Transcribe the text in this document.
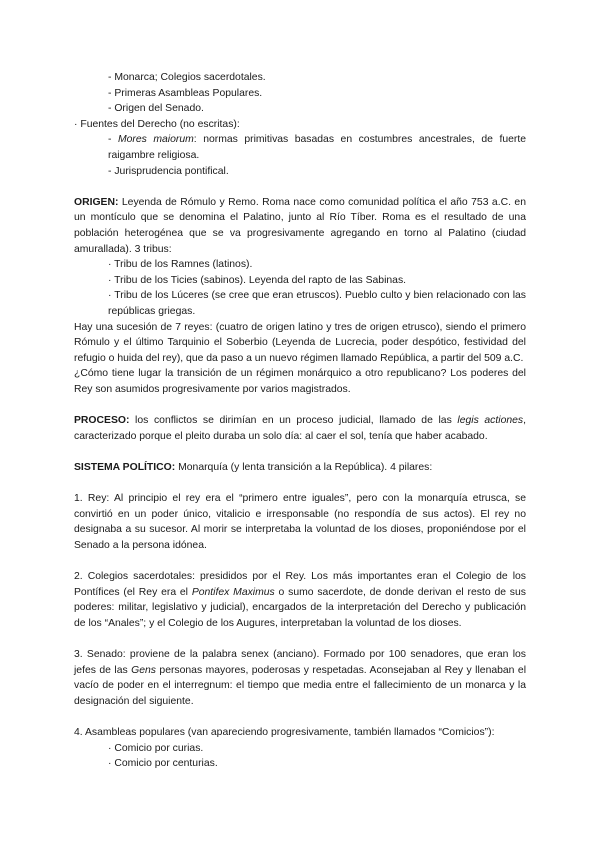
- Monarca; Colegios sacerdotales.

- Primeras Asambleas Populares.

- Origen del Senado.

· Fuentes del Derecho (no escritas):

- Mores maiorum: normas primitivas basadas en costumbres ancestrales, de fuerte raigambre religiosa.

- Jurisprudencia pontifical.

ORIGEN: Leyenda de Rómulo y Remo. Roma nace como comunidad política el año 753 a.C. en un montículo que se denomina el Palatino, junto al Río Tíber. Roma es el resultado de una población heterogénea que se va progresivamente agregando en torno al Palatino (ciudad amurallada). 3 tribus:

· Tribu de los Ramnes (latinos).

· Tribu de los Ticies (sabinos). Leyenda del rapto de las Sabinas.

· Tribu de los Lúceres (se cree que eran etruscos). Pueblo culto y bien relacionado con las repúblicas griegas.

Hay una sucesión de 7 reyes: (cuatro de origen latino y tres de origen etrusco), siendo el primero Rómulo y el último Tarquinio el Soberbio (Leyenda de Lucrecia, poder despótico, festividad del refugio o huida del rey), que da paso a un nuevo régimen llamado República, a partir del 509 a.C.

¿Cómo tiene lugar la transición de un régimen monárquico a otro republicano? Los poderes del Rey son asumidos progresivamente por varios magistrados.

PROCESO: los conflictos se dirimían en un proceso judicial, llamado de las legis actiones, caracterizado porque el pleito duraba un solo día: al caer el sol, tenía que haber acabado.

SISTEMA POLÍTICO: Monarquía (y lenta transición a la República). 4 pilares:

1. Rey: Al principio el rey era el “primero entre iguales”, pero con la monarquía etrusca, se convirtió en un poder único, vitalicio e irresponsable (no respondía de sus actos). El rey no designaba a su sucesor. Al morir se interpretaba la voluntad de los dioses, proponiéndose por el Senado a la persona idónea.

2. Colegios sacerdotales: presididos por el Rey. Los más importantes eran el Colegio de los Pontífices (el Rey era el Pontifex Maximus o sumo sacerdote, de donde derivan el resto de sus poderes: militar, legislativo y judicial), encargados de la interpretación del Derecho y publicación de los “Anales”; y el Colegio de los Augures, interpretaban la voluntad de los dioses.

3. Senado: proviene de la palabra senex (anciano). Formado por 100 senadores, que eran los jefes de las Gens personas mayores, poderosas y respetadas. Aconsejaban al Rey y llenaban el vacío de poder en el interregnum: el tiempo que media entre el fallecimiento de un monarca y la designación del siguiente.

4. Asambleas populares (van apareciendo progresivamente, también llamados “Comicios”):

· Comicio por curias.

· Comicio por centurias.
